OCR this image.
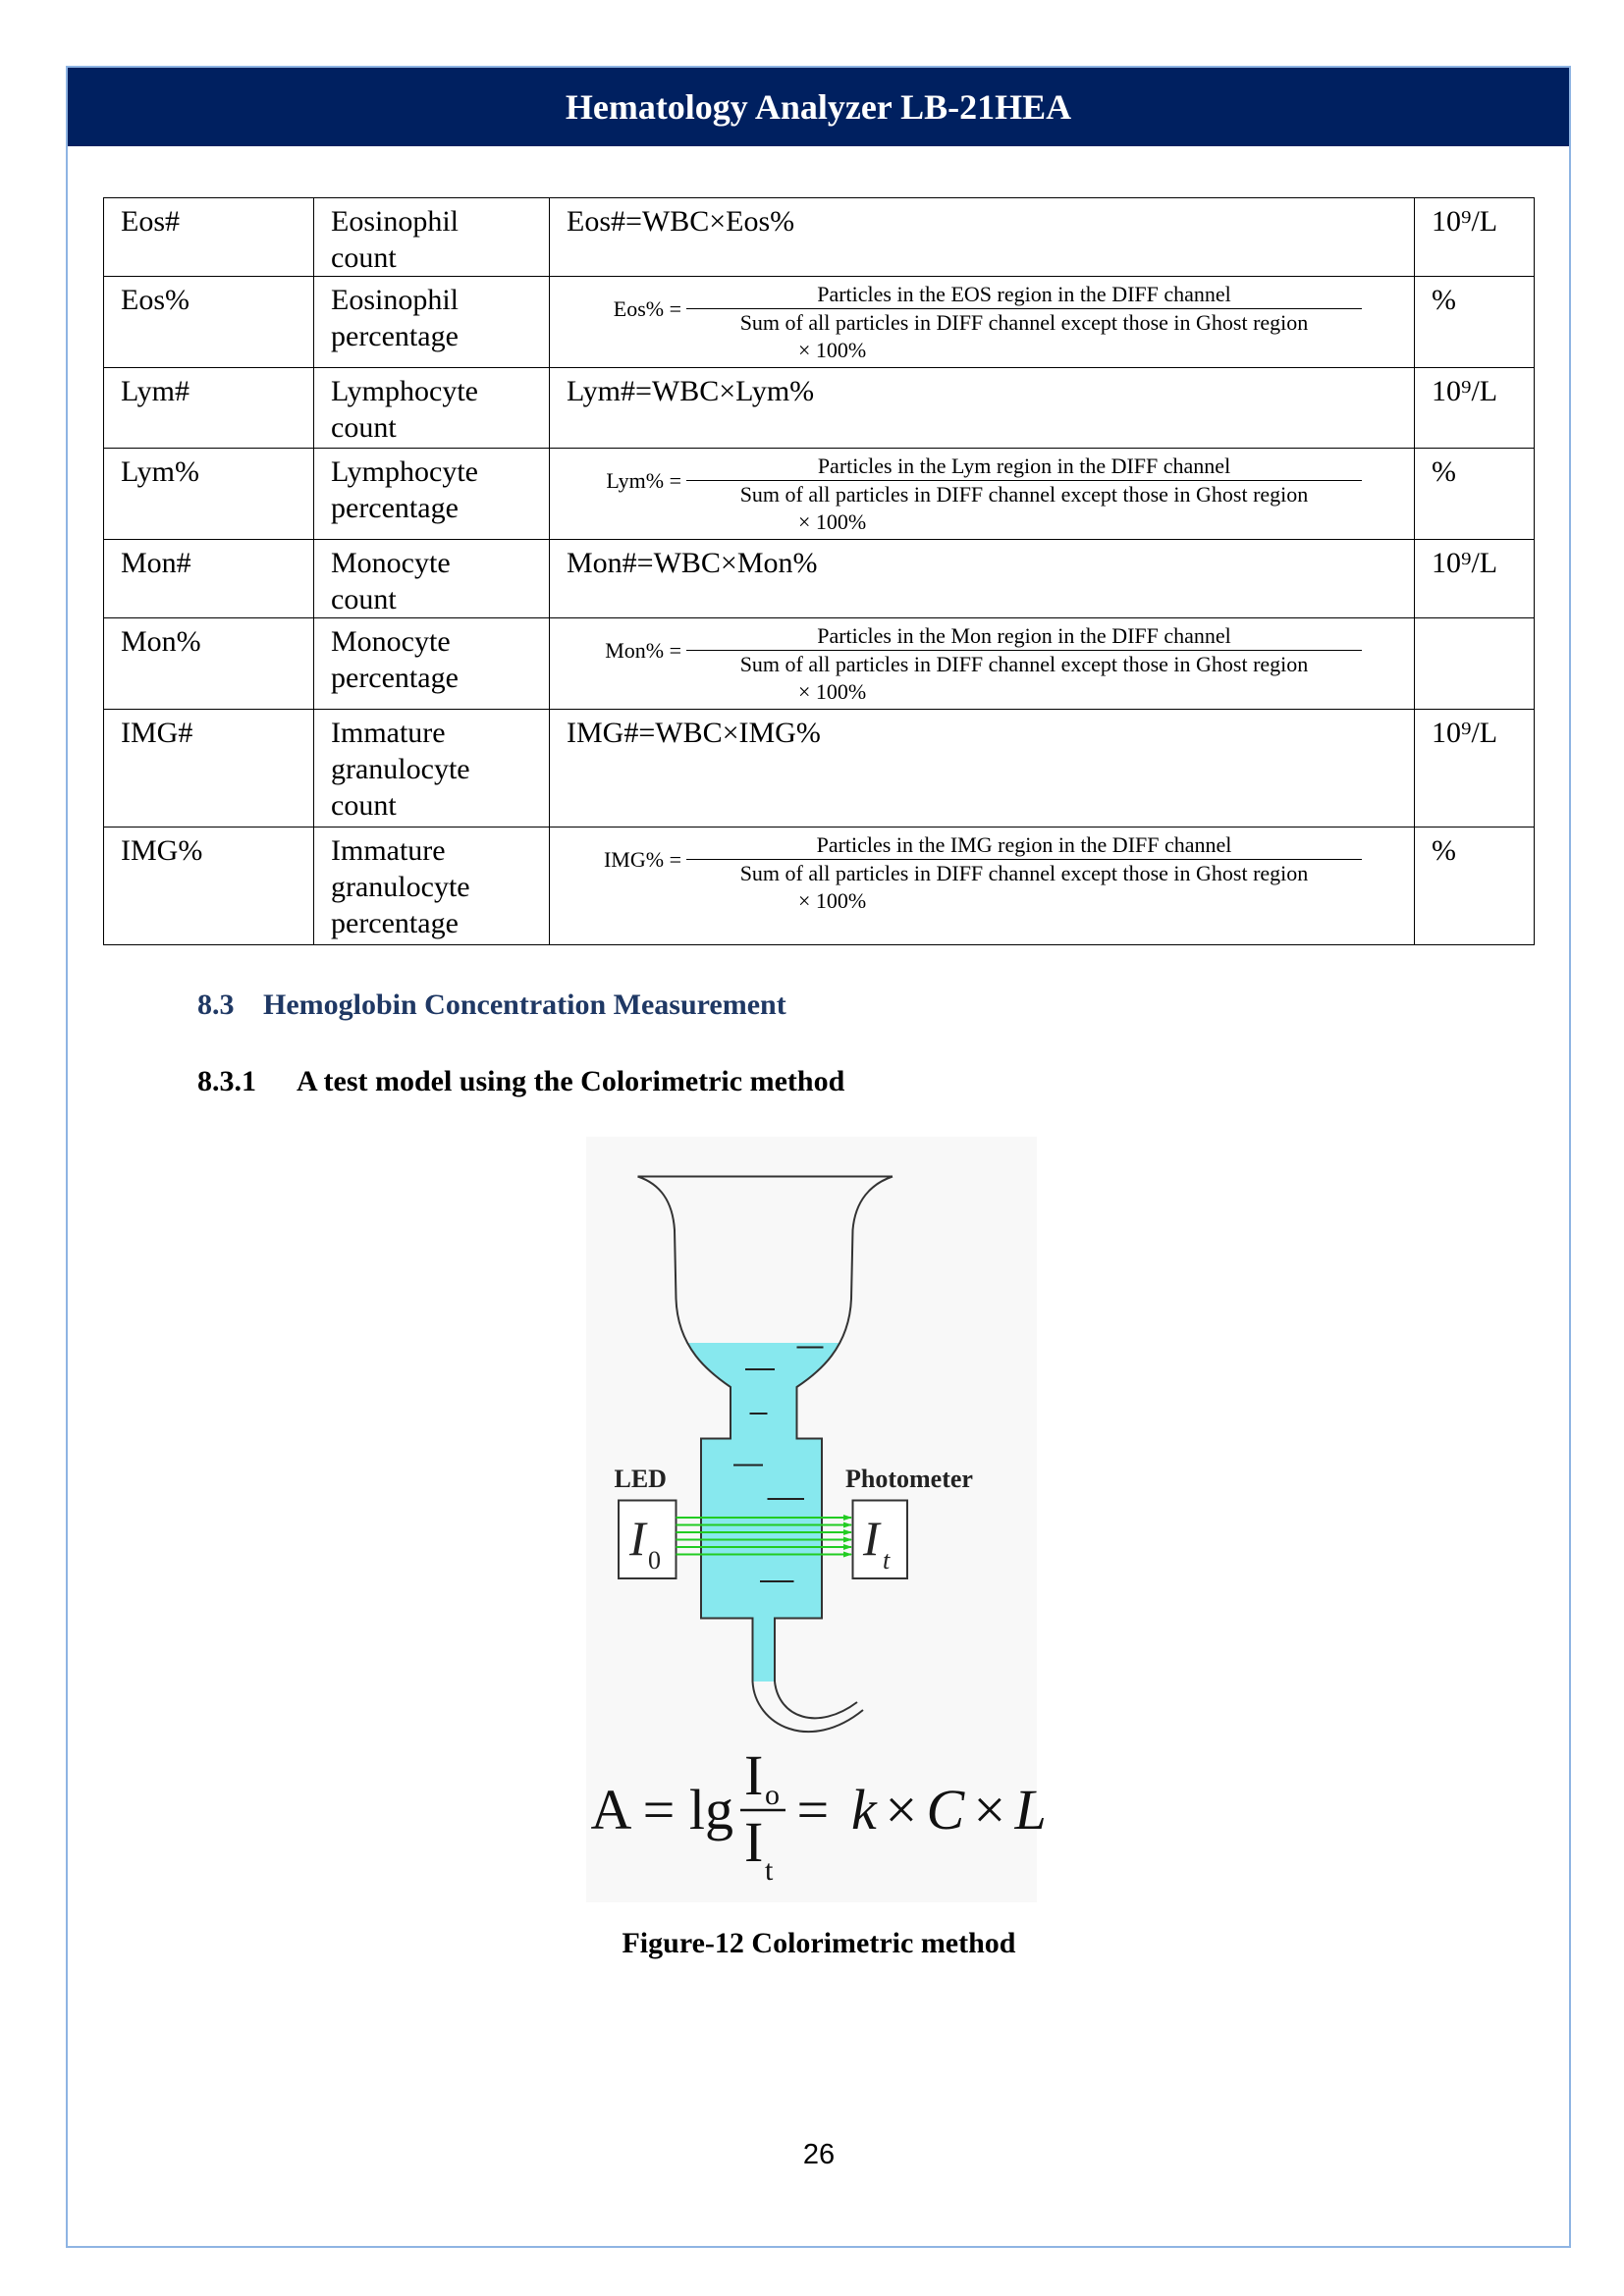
Hematology Analyzer LB-21HEA
Eos#	Eosinophil count	Eos#=WBC×Eos%	10⁹/L
Eos%	Eosinophil percentage	Eos% =
Particles in the EOS region in the DIFF channel
Sum of all particles in DIFF channel except those in Ghost region
× 100%	%
Lym#	Lymphocyte count	Lym#=WBC×Lym%	10⁹/L
Lym%	Lymphocyte percentage	Lym% =
Particles in the Lym region in the DIFF channel
Sum of all particles in DIFF channel except those in Ghost region
× 100%	%
Mon#	Monocyte count	Mon#=WBC×Mon%	10⁹/L
Mon%	Monocyte percentage	Mon% =
Particles in the Mon region in the DIFF channel
Sum of all particles in DIFF channel except those in Ghost region
× 100%	

IMG#	Immature granulocyte count	IMG#=WBC×IMG%	10⁹/L
IMG%	Immature granulocyte percentage	IMG% =
Particles in the IMG region in the DIFF channel
Sum of all particles in DIFF channel except those in Ghost region
× 100%	%
8.3 Hemoglobin Concentration Measurement
8.3.1 A test model using the Colorimetric method
LED	Photometer
I 0	I t
A = lg
I o
I t
= k × C × L
Figure-12 Colorimetric method
26
